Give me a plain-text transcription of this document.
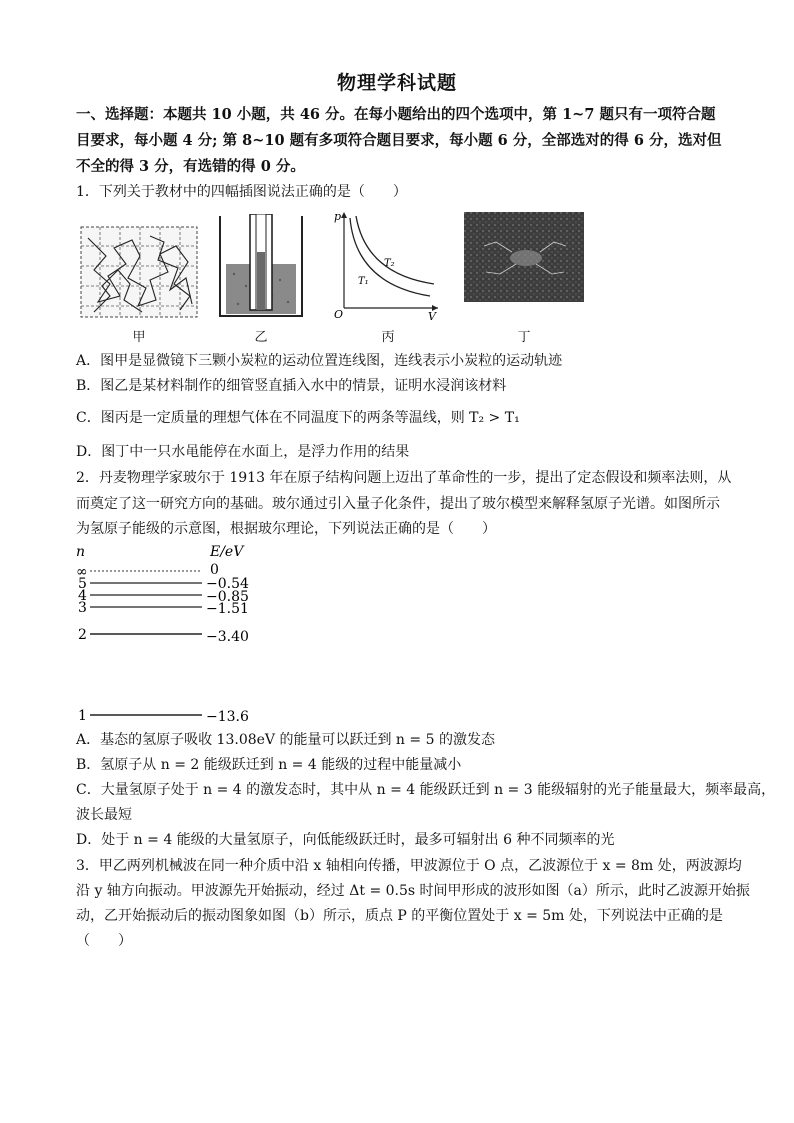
物理学科试题
一、选择题：本题共 10 小题，共 46 分。在每小题给出的四个选项中，第 1~7 题只有一项符合题目要求，每小题 4 分; 第 8~10 题有多项符合题目要求，每小题 6 分，全部选对的得 6 分，选对但不全的得 3 分，有选错的得 0 分。
1．下列关于教材中的四幅插图说法正确的是（　　）
甲	乙
p
V
O
T₁
T₂
丙	丁
A．图甲是显微镜下三颗小炭粒的运动位置连线图，连线表示小炭粒的运动轨迹
B．图乙是某材料制作的细管竖直插入水中的情景，证明水浸润该材料
C．图丙是一定质量的理想气体在不同温度下的两条等温线，则 T₂ > T₁
D．图丁中一只水黾能停在水面上，是浮力作用的结果
2．丹麦物理学家玻尔于 1913 年在原子结构问题上迈出了革命性的一步，提出了定态假设和频率法则，从
而奠定了这一研究方向的基础。玻尔通过引入量子化条件，提出了玻尔模型来解释氢原子光谱。如图所示
为氢原子能级的示意图，根据玻尔理论，下列说法正确的是（　　）
n	E/eV
∞	0
5	−0.54
4	−0.85
3	−1.51
2	−3.40
1	−13.6
A．基态的氢原子吸收 13.08eV 的能量可以跃迁到 n = 5 的激发态
B．氢原子从 n = 2 能级跃迁到 n = 4 能级的过程中能量减小
C．大量氢原子处于 n = 4 的激发态时，其中从 n = 4 能级跃迁到 n = 3 能级辐射的光子能量最大，频率最高，
波长最短
D．处于 n = 4 能级的大量氢原子，向低能级跃迁时，最多可辐射出 6 种不同频率的光
3．甲乙两列机械波在同一种介质中沿 x 轴相向传播，甲波源位于 O 点，乙波源位于 x = 8m 处，两波源均
沿 y 轴方向振动。甲波源先开始振动，经过 Δt = 0.5s 时间甲形成的波形如图（a）所示，此时乙波源开始振
动，乙开始振动后的振动图象如图（b）所示，质点 P 的平衡位置处于 x = 5m 处，下列说法中正确的是
（　　）
